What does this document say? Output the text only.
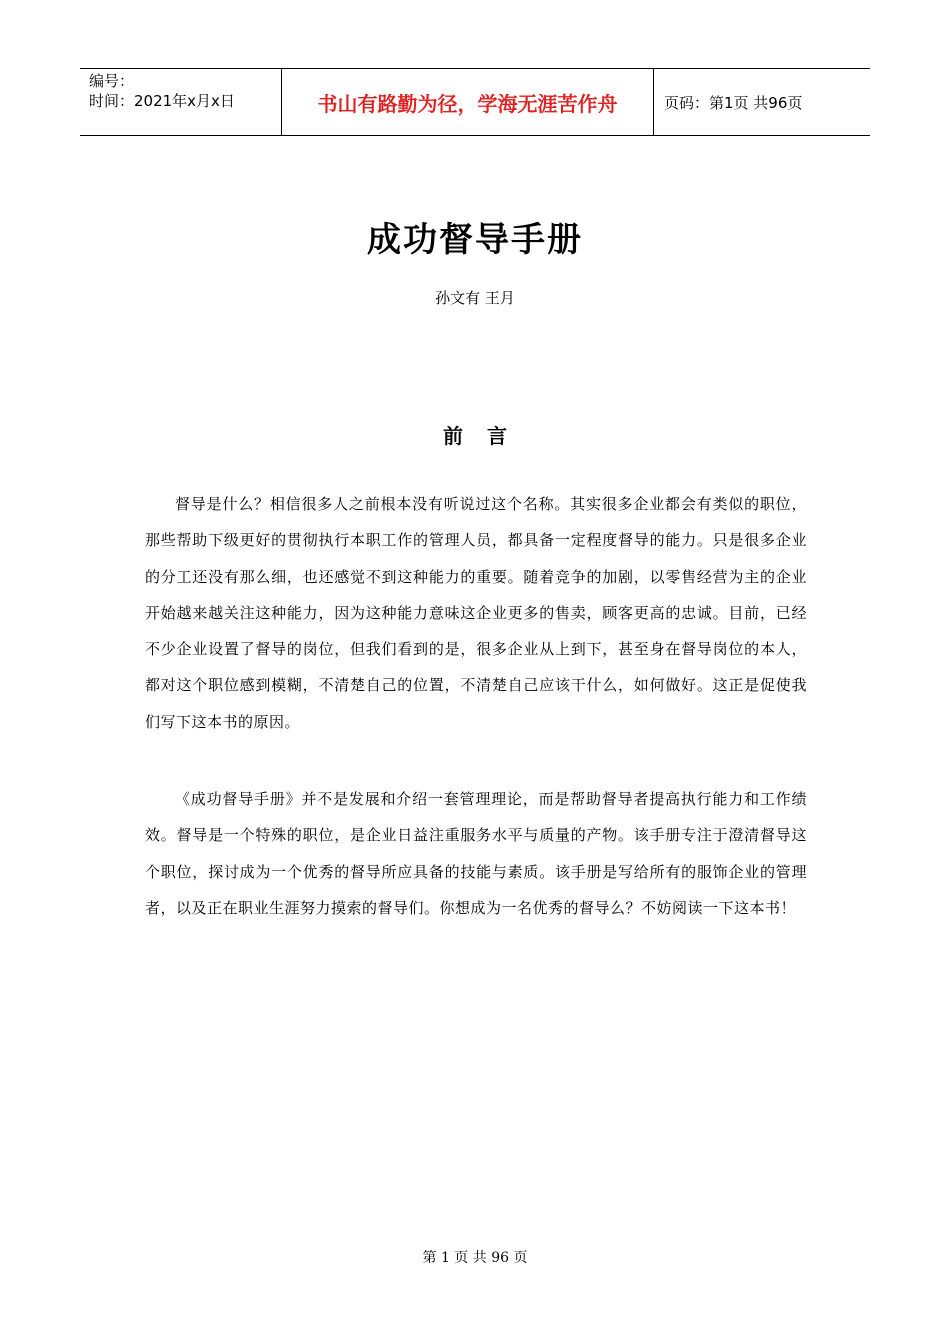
编号：
时间：2021年x月x日	书山有路勤为径，学海无涯苦作舟	页码：第1页 共96页
成功督导手册
孙文有 王月
前言

督导是什么？相信很多人之前根本没有听说过这个名称。其实很多企业都会有类似的职位，那些帮助下级更好的贯彻执行本职工作的管理人员，都具备一定程度督导的能力。只是很多企业的分工还没有那么细，也还感觉不到这种能力的重要。随着竞争的加剧，以零售经营为主的企业开始越来越关注这种能力，因为这种能力意味这企业更多的售卖，顾客更高的忠诚。目前，已经不少企业设置了督导的岗位，但我们看到的是，很多企业从上到下，甚至身在督导岗位的本人，都对这个职位感到模糊，不清楚自己的位置，不清楚自己应该干什么，如何做好。这正是促使我们写下这本书的原因。

《成功督导手册》并不是发展和介绍一套管理理论，而是帮助督导者提高执行能力和工作绩效。督导是一个特殊的职位，是企业日益注重服务水平与质量的产物。该手册专注于澄清督导这个职位，探讨成为一个优秀的督导所应具备的技能与素质。该手册是写给所有的服饰企业的管理者，以及正在职业生涯努力摸索的督导们。你想成为一名优秀的督导么？不妨阅读一下这本书！

第 1 页 共 96 页
